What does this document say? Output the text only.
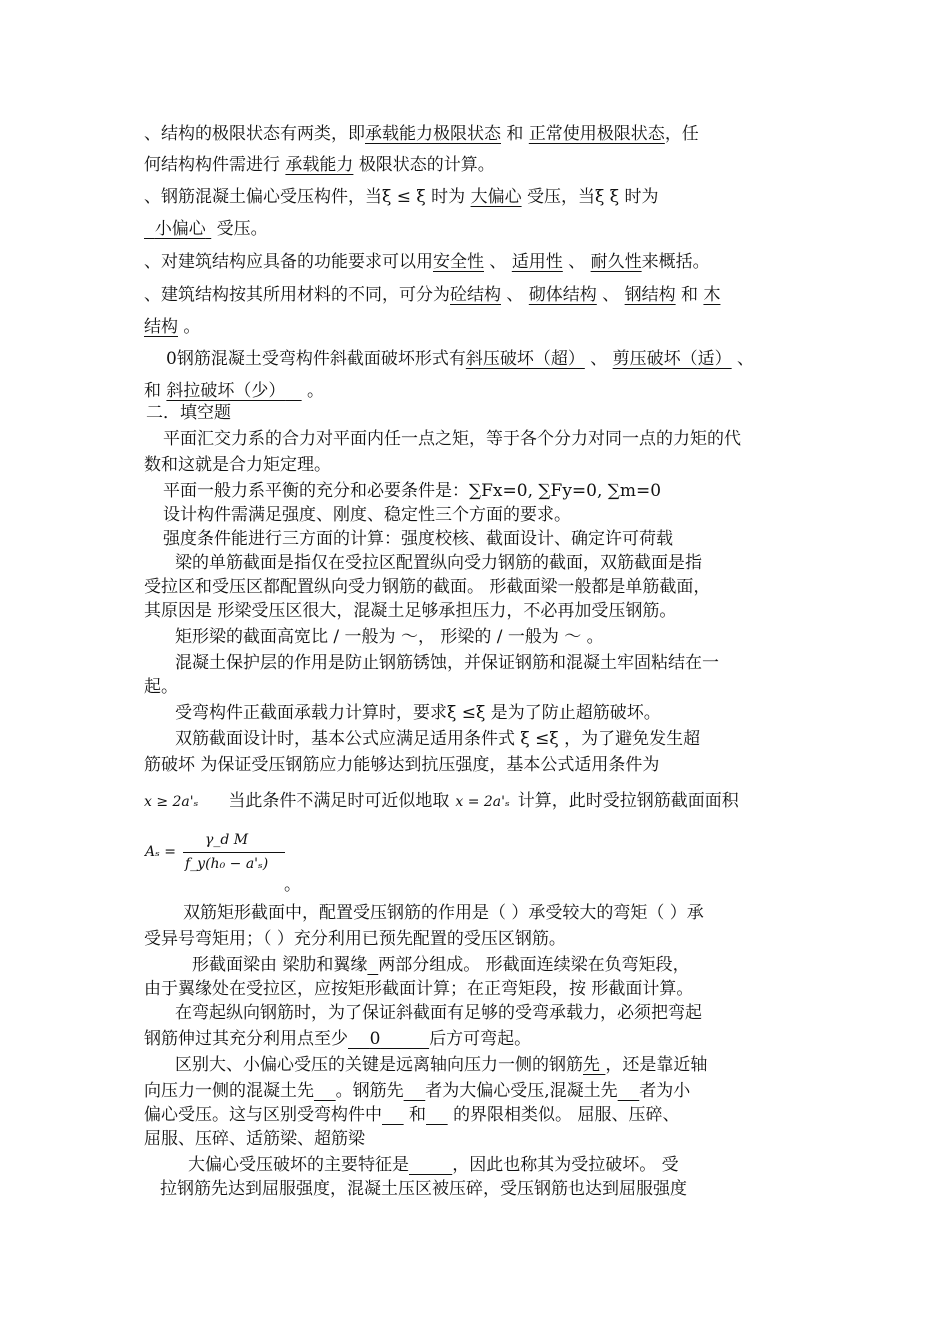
、结构的极限状态有两类，即承载能力极限状态 和 正常使用极限状态，任
何结构构件需进行 承载能力 极限状态的计算。
、钢筋混凝土偏心受压构件，当ξ ≤ ξ 时为 大偏心 受压，当ξ ξ 时为
小偏心 受压。
、对建筑结构应具备的功能要求可以用安全性 、 适用性 、 耐久性来概括。
、建筑结构按其所用材料的不同，可分为砼结构 、 砌体结构 、 钢结构 和 木
结构 。
0钢筋混凝土受弯构件斜截面破坏形式有斜压破坏（超） 、 剪压破坏（适） 、
和 斜拉破坏（少） 。
二．填空题
平面汇交力系的合力对平面内任一点之矩，等于各个分力对同一点的力矩的代
数和这就是合力矩定理。
平面一般力系平衡的充分和必要条件是：∑Fx=0, ∑Fy=0, ∑m=0
设计构件需满足强度、刚度、稳定性三个方面的要求。
强度条件能进行三方面的计算：强度校核、截面设计、确定许可荷载
梁的单筋截面是指仅在受拉区配置纵向受力钢筋的截面，双筋截面是指
受拉区和受压区都配置纵向受力钢筋的截面。 形截面梁一般都是单筋截面，
其原因是 形梁受压区很大，混凝土足够承担压力，不必再加受压钢筋。
矩形梁的截面高宽比 / 一般为 ～， 形梁的 / 一般为 ～ 。
混凝土保护层的作用是防止钢筋锈蚀，并保证钢筋和混凝土牢固粘结在一
起。
受弯构件正截面承载力计算时，要求ξ ≤ξ 是为了防止超筋破坏。
双筋截面设计时，基本公式应满足适用条件式 ξ ≤ξ ，为了避免发生超
筋破坏 为保证受压钢筋应力能够达到抗压强度，基本公式适用条件为
x ≥ 2a'ₛ 当此条件不满足时可近似地取 x = 2a'ₛ 计算，此时受拉钢筋截面面积
Aₛ =
γ_d M
f_y(h₀ − a'ₛ)
。
双筋矩形截面中，配置受压钢筋的作用是（ ）承受较大的弯矩（ ）承
受异号弯矩用；（ ）充分利用已预先配置的受压区钢筋。
形截面梁由 梁肋和翼缘 两部分组成。 形截面连续梁在负弯矩段，
由于翼缘处在受拉区，应按矩形截面计算；在正弯矩段，按 形截面计算。
在弯起纵向钢筋时，为了保证斜截面有足够的受弯承载力，必须把弯起
钢筋伸过其充分利用点至少 0	后方可弯起。
区别大、小偏心受压的关键是远离轴向压力一侧的钢筋先 ，还是靠近轴
向压力一侧的混凝土先 。钢筋先 者为大偏心受压,混凝土先 者为小
偏心受压。这与区别受弯构件中 和 的界限相类似。 屈服、压碎、
屈服、压碎、适筋梁、超筋梁
大偏心受压破坏的主要特征是	，因此也称其为受拉破坏。 受
拉钢筋先达到屈服强度，混凝土压区被压碎，受压钢筋也达到屈服强度
